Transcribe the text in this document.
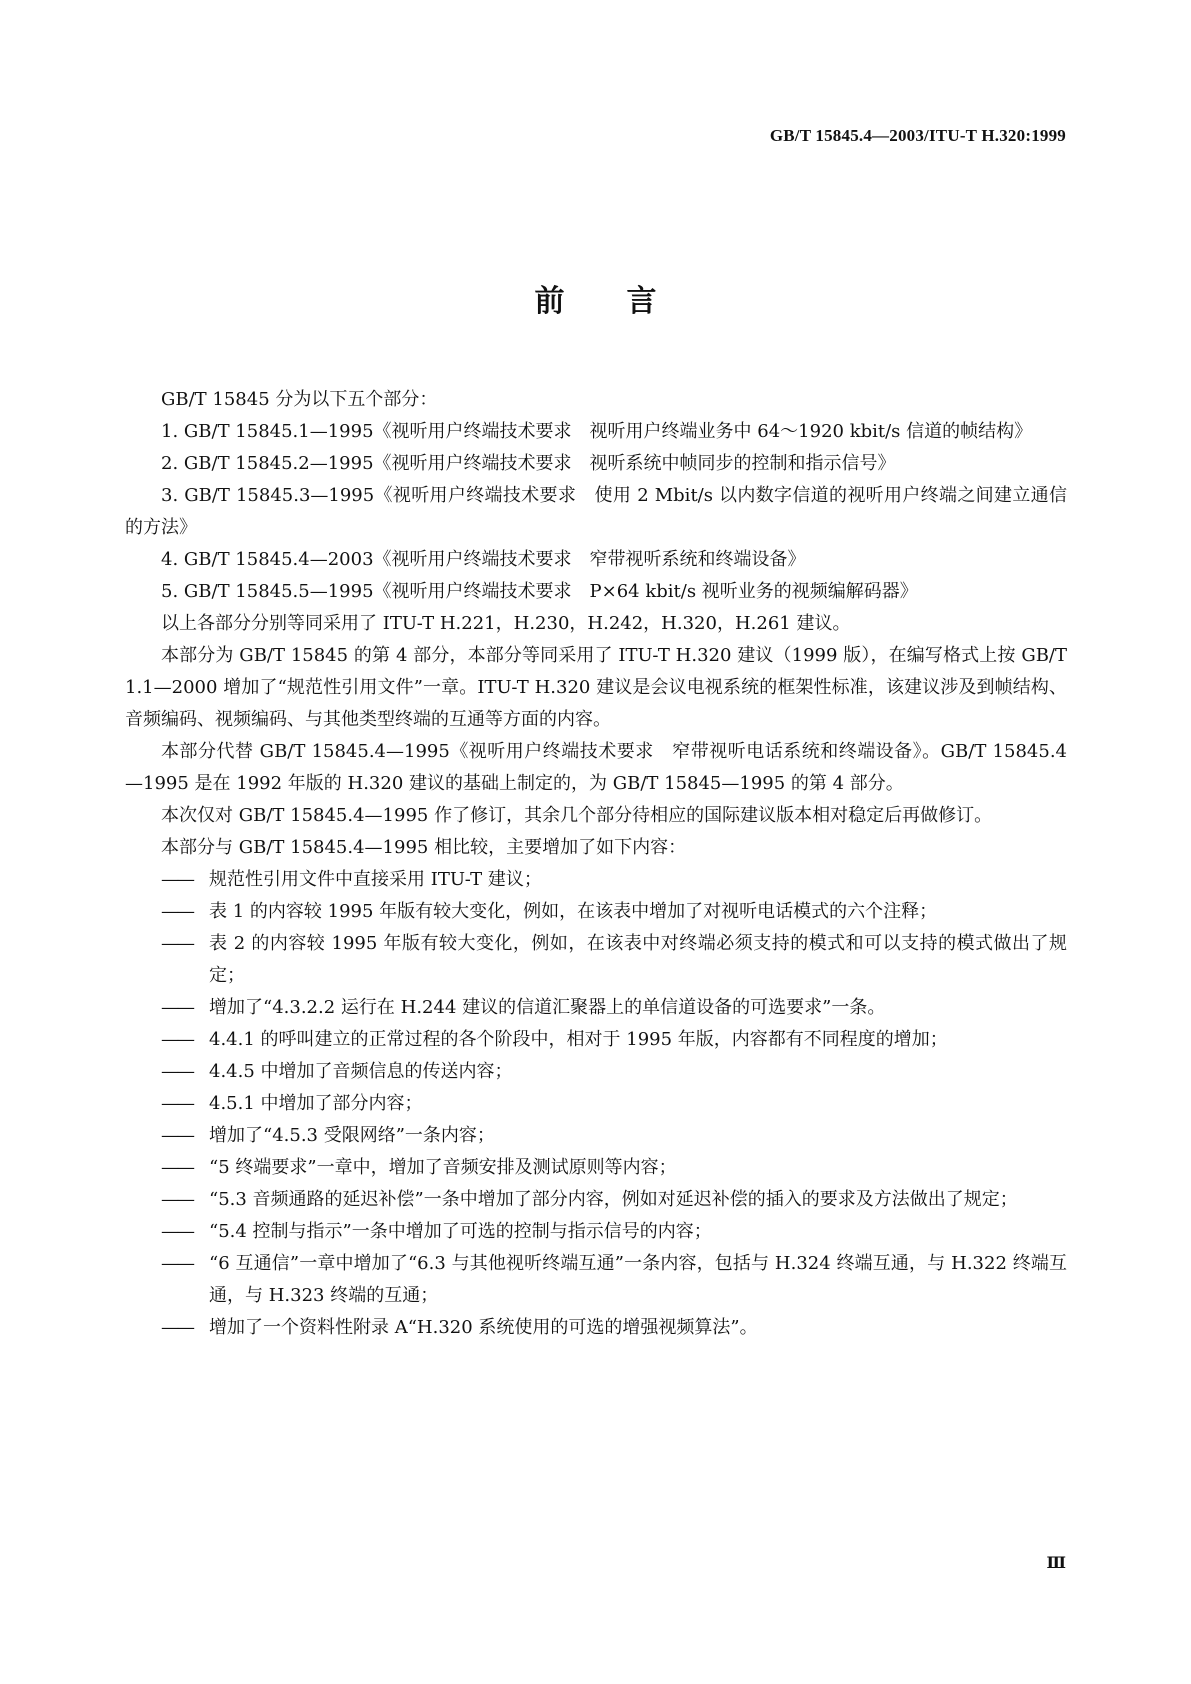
GB/T 15845.4—2003/ITU-T H.320:1999
前言

GB/T 15845 分为以下五个部分：

1. GB/T 15845.1—1995《视听用户终端技术要求　视听用户终端业务中 64～1920 kbit/s 信道的帧结构》

2. GB/T 15845.2—1995《视听用户终端技术要求　视听系统中帧同步的控制和指示信号》

3. GB/T 15845.3—1995《视听用户终端技术要求　使用 2 Mbit/s 以内数字信道的视听用户终端之间建立通信的方法》

4. GB/T 15845.4—2003《视听用户终端技术要求　窄带视听系统和终端设备》

5. GB/T 15845.5—1995《视听用户终端技术要求　P×64 kbit/s 视听业务的视频编解码器》

以上各部分分别等同采用了 ITU-T H.221，H.230，H.242，H.320，H.261 建议。

本部分为 GB/T 15845 的第 4 部分，本部分等同采用了 ITU-T H.320 建议（1999 版），在编写格式上按 GB/T 1.1—2000 增加了“规范性引用文件”一章。ITU-T H.320 建议是会议电视系统的框架性标准，该建议涉及到帧结构、音频编码、视频编码、与其他类型终端的互通等方面的内容。

本部分代替 GB/T 15845.4—1995《视听用户终端技术要求　窄带视听电话系统和终端设备》。GB/T 15845.4—1995 是在 1992 年版的 H.320 建议的基础上制定的，为 GB/T 15845—1995 的第 4 部分。

本次仅对 GB/T 15845.4—1995 作了修订，其余几个部分待相应的国际建议版本相对稳定后再做修订。

本部分与 GB/T 15845.4—1995 相比较，主要增加了如下内容：

—— 规范性引用文件中直接采用 ITU-T 建议；
—— 表 1 的内容较 1995 年版有较大变化，例如，在该表中增加了对视听电话模式的六个注释；
—— 表 2 的内容较 1995 年版有较大变化，例如，在该表中对终端必须支持的模式和可以支持的模式做出了规定；
—— 增加了“4.3.2.2 运行在 H.244 建议的信道汇聚器上的单信道设备的可选要求”一条。
—— 4.4.1 的呼叫建立的正常过程的各个阶段中，相对于 1995 年版，内容都有不同程度的增加；
—— 4.4.5 中增加了音频信息的传送内容；
—— 4.5.1 中增加了部分内容；
—— 增加了“4.5.3 受限网络”一条内容；
—— “5 终端要求”一章中，增加了音频安排及测试原则等内容；
—— “5.3 音频通路的延迟补偿”一条中增加了部分内容，例如对延迟补偿的插入的要求及方法做出了规定；
—— “5.4 控制与指示”一条中增加了可选的控制与指示信号的内容；
—— “6 互通信”一章中增加了“6.3 与其他视听终端互通”一条内容，包括与 H.324 终端互通，与 H.322 终端互通，与 H.323 终端的互通；
—— 增加了一个资料性附录 A“H.320 系统使用的可选的增强视频算法”。
Ⅲ
